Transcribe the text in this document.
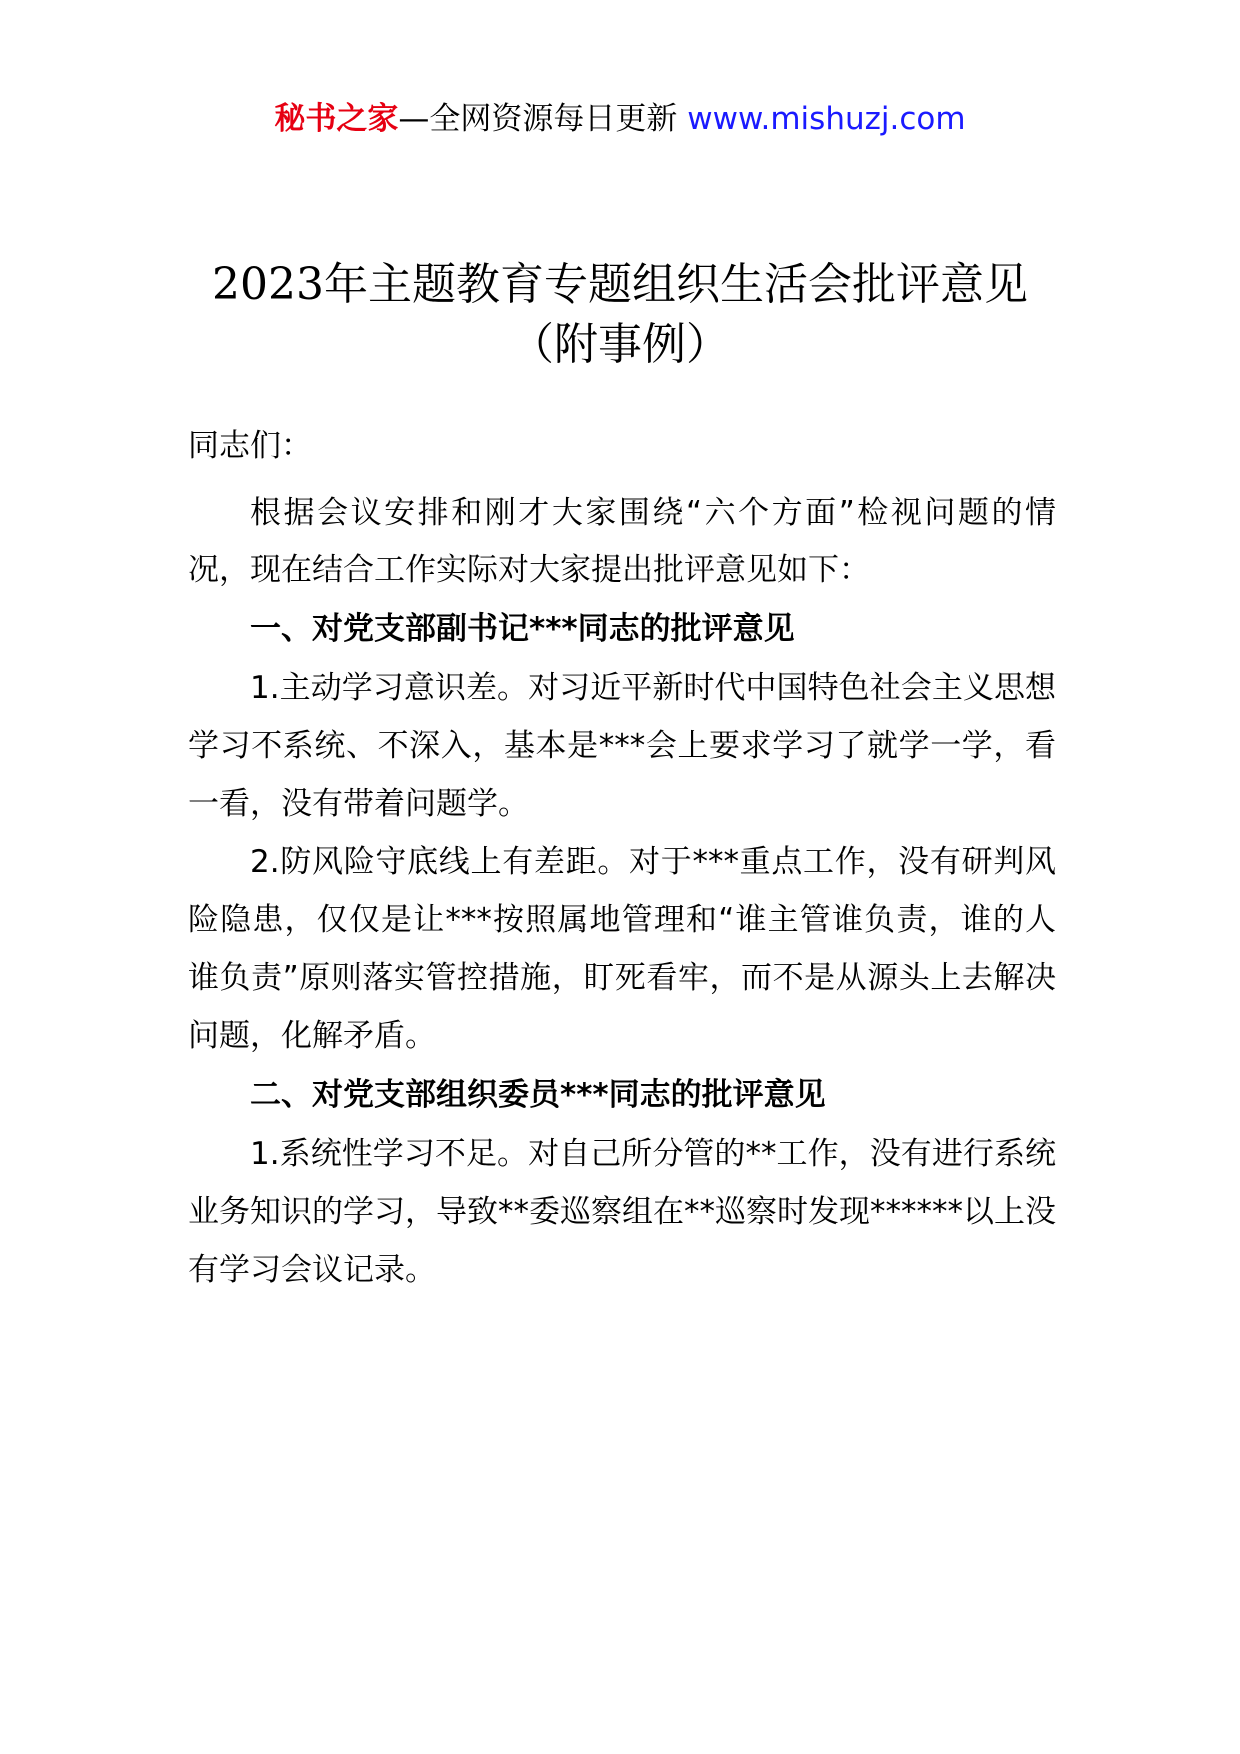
秘书之家—全网资源每日更新 www.mishuzj.com
2023年主题教育专题组织生活会批评意见
（附事例）

同志们：

根据会议安排和刚才大家围绕“六个方面”检视问题的情况，现在结合工作实际对大家提出批评意见如下：

一、对党支部副书记***同志的批评意见

1.主动学习意识差。对习近平新时代中国特色社会主义思想学习不系统、不深入，基本是***会上要求学习了就学一学，看一看，没有带着问题学。

2.防风险守底线上有差距。对于***重点工作，没有研判风险隐患，仅仅是让***按照属地管理和“谁主管谁负责，谁的人谁负责”原则落实管控措施，盯死看牢，而不是从源头上去解决问题，化解矛盾。

二、对党支部组织委员***同志的批评意见

1.系统性学习不足。对自己所分管的**工作，没有进行系统业务知识的学习，导致**委巡察组在**巡察时发现******以上没有学习会议记录。
